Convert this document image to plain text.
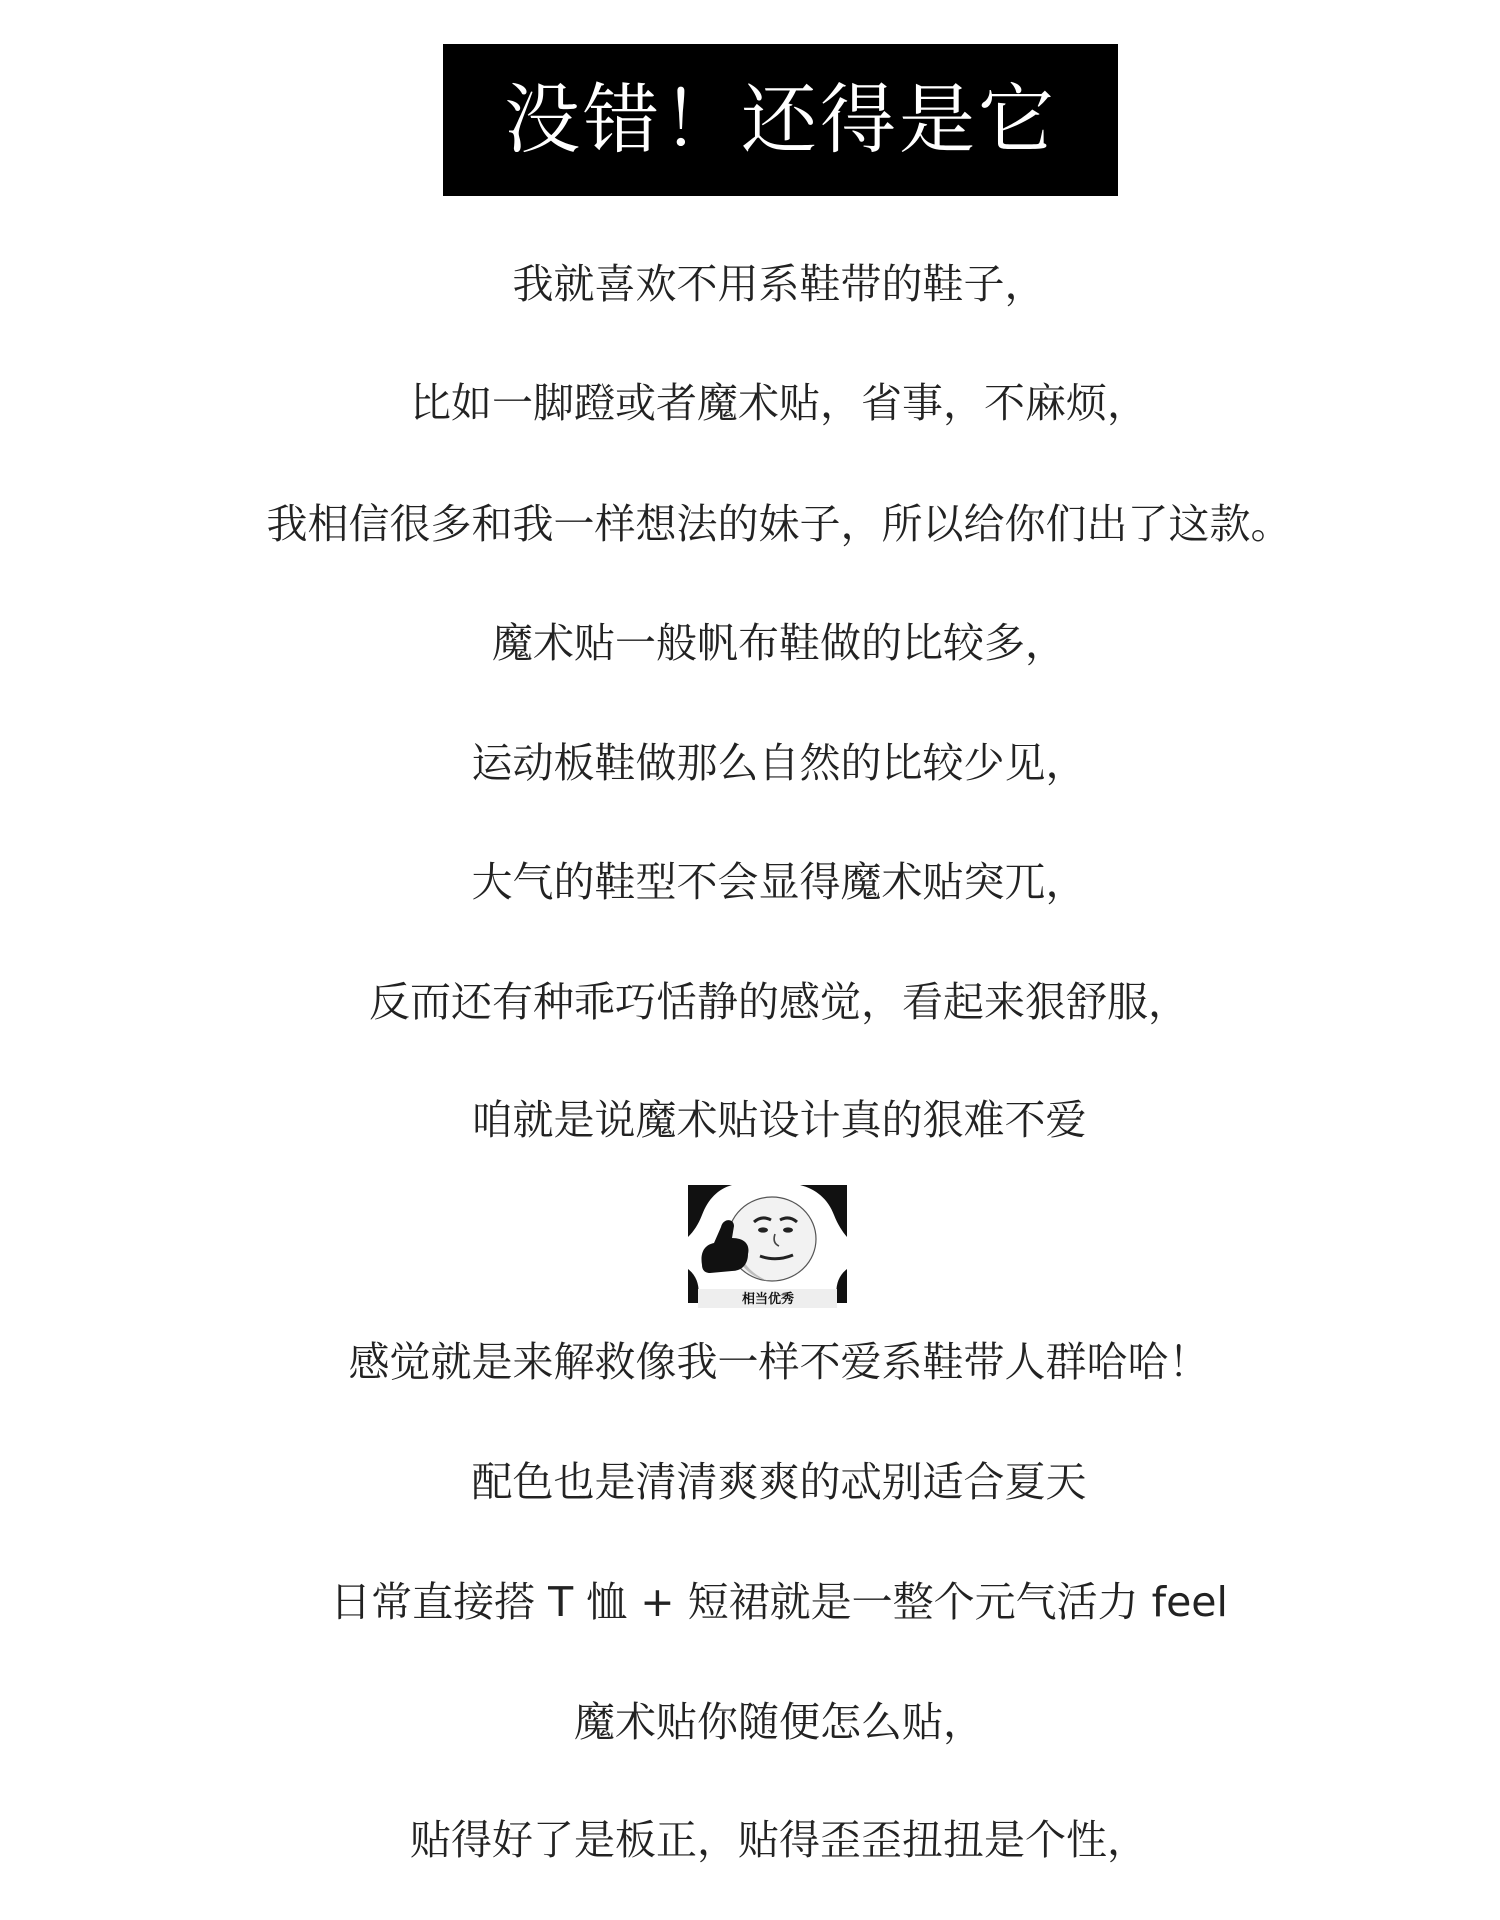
没错！还得是它
我就喜欢不用系鞋带的鞋子，
比如一脚蹬或者魔术贴，省事，不麻烦，
我相信很多和我一样想法的妹子，所以给你们出了这款。
魔术贴一般帆布鞋做的比较多，
运动板鞋做那么自然的比较少见，
大气的鞋型不会显得魔术贴突兀，
反而还有种乖巧恬静的感觉，看起来狠舒服，
咱就是说魔术贴设计真的狠难不爱
感觉就是来解救像我一样不爱系鞋带人群哈哈！
配色也是清清爽爽的忒别适合夏天
日常直接搭 T 恤 + 短裙就是一整个元气活力 feel
魔术贴你随便怎么贴，
贴得好了是板正，贴得歪歪扭扭是个性，
相当优秀
